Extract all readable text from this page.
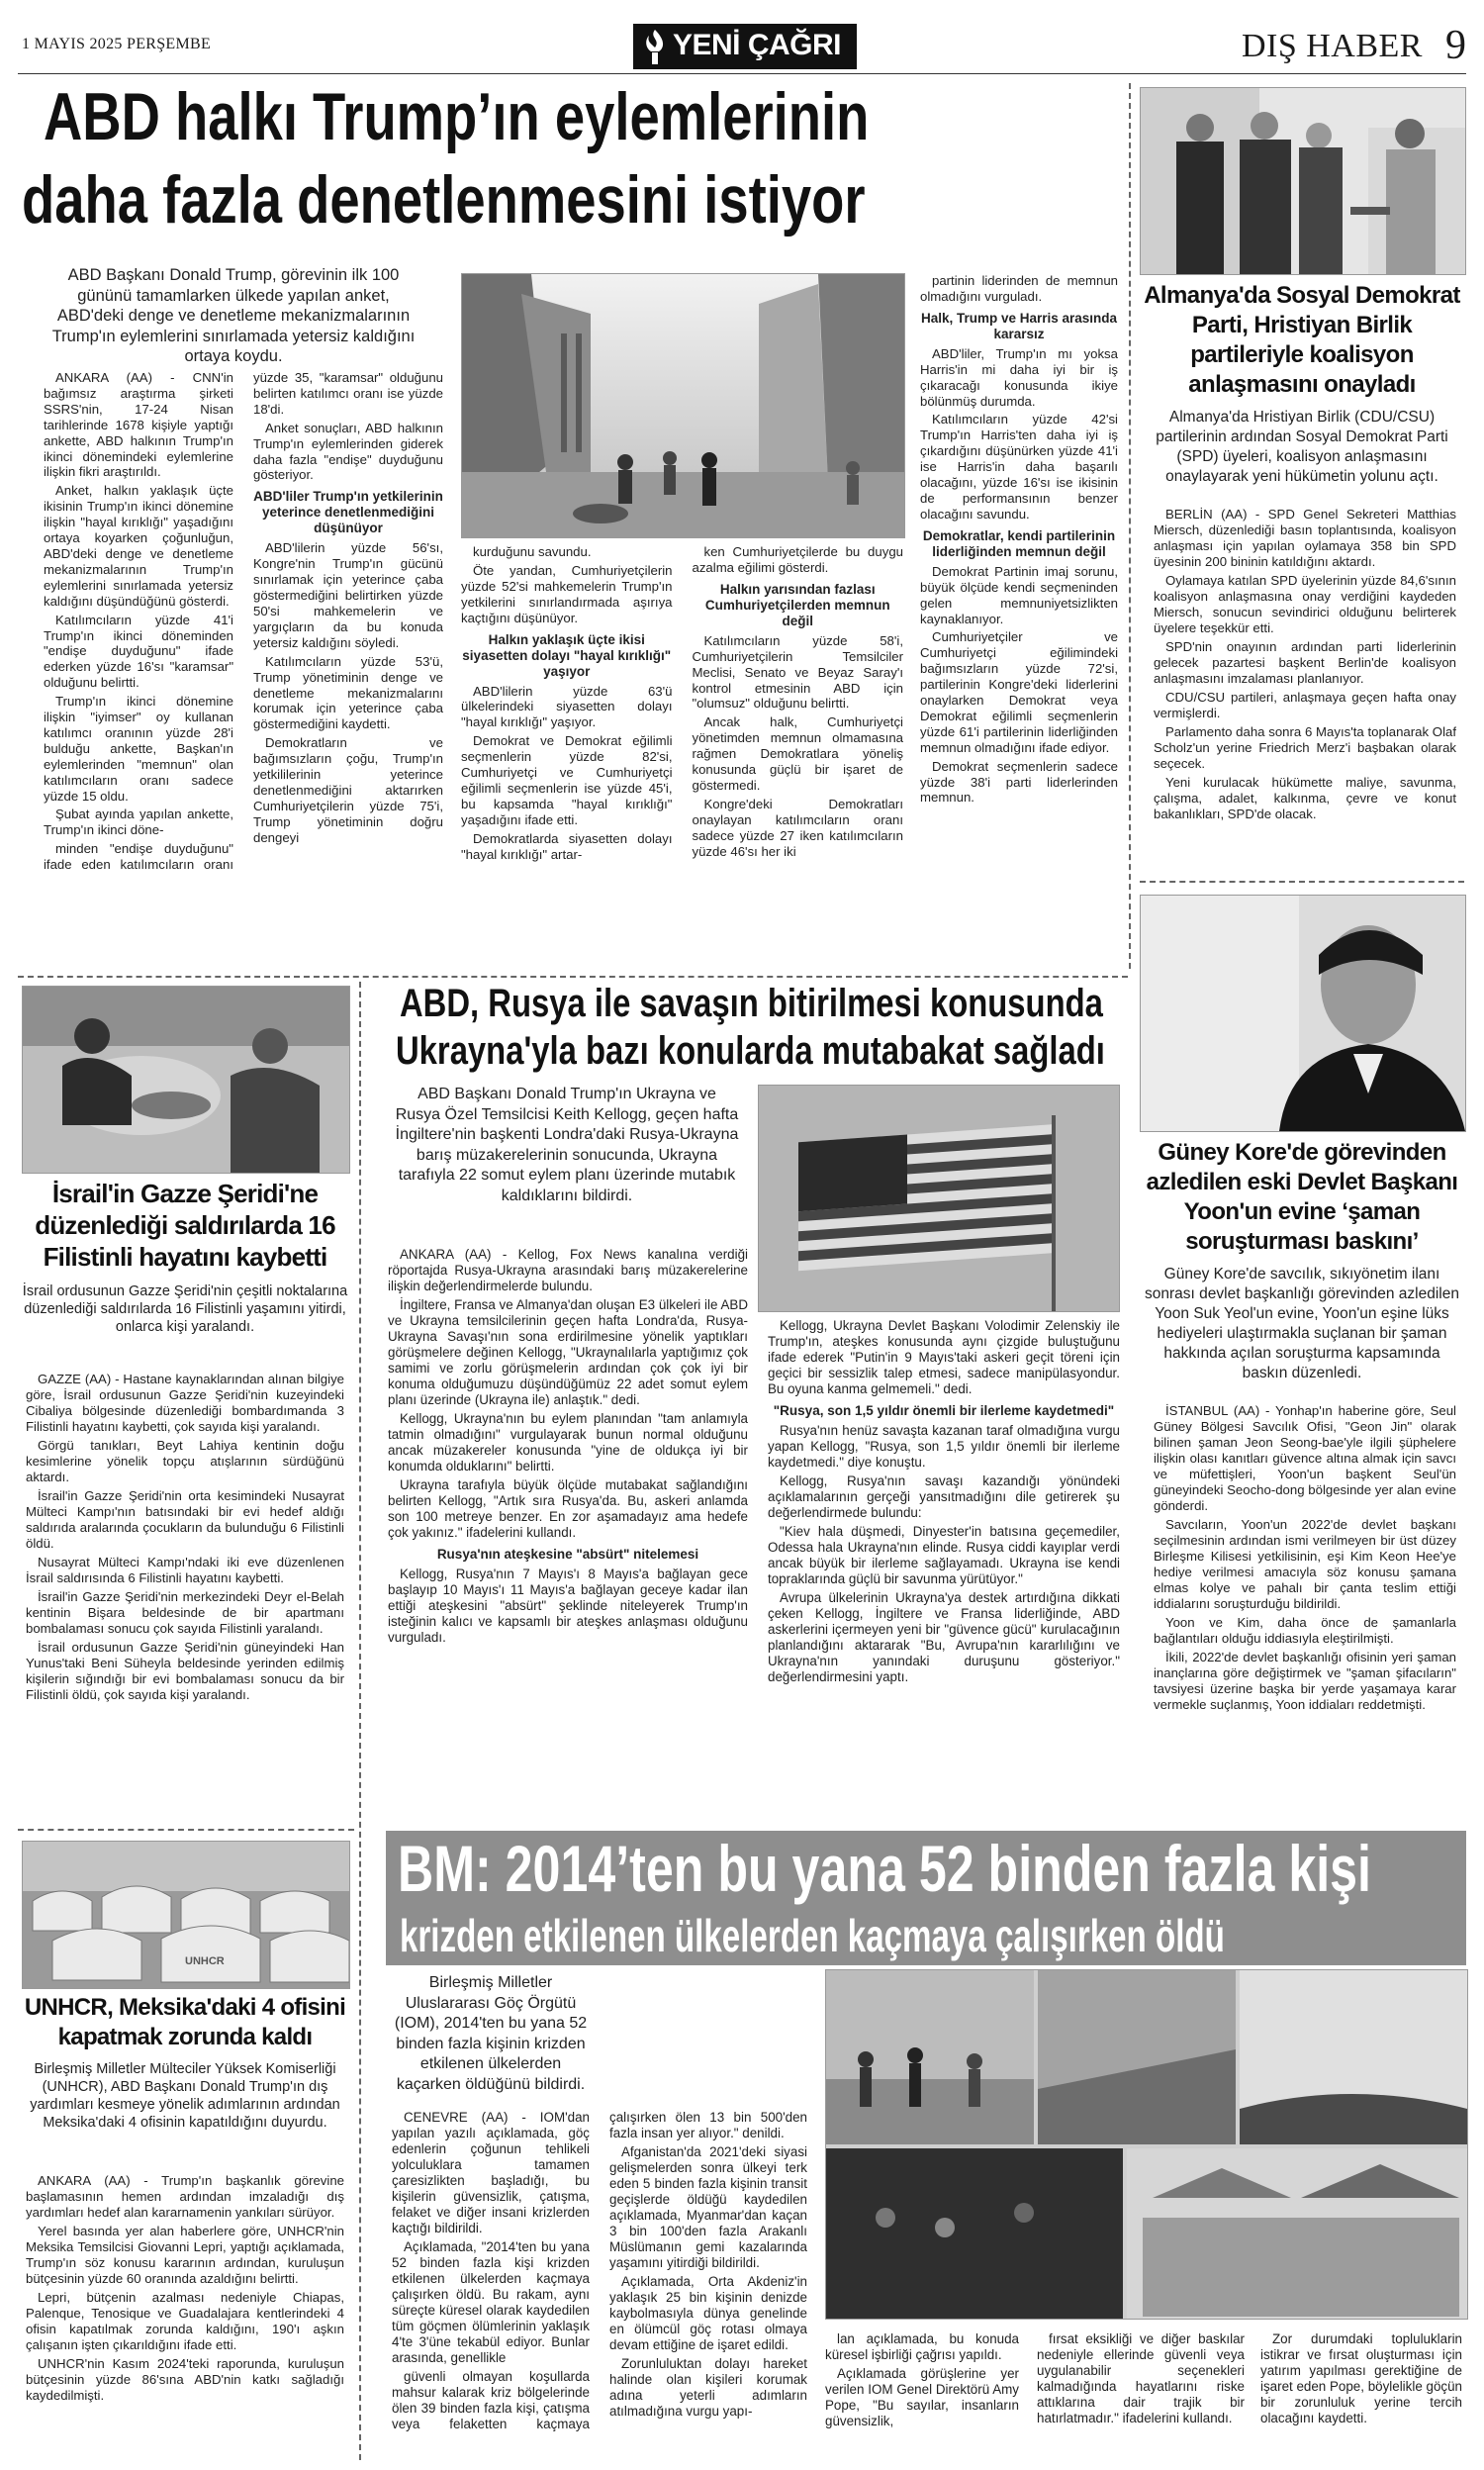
1 MAYIS 2025 PERŞEMBE	YENİ ÇAĞRI	DIŞ HABER 9
ABD halkı Trump’ın eylemlerinin
daha fazla denetlenmesini istiyor
ABD Başkanı Donald Trump, görevinin ilk 100 gününü tamamlarken ülkede yapılan anket, ABD'deki denge ve denetleme mekanizmalarının Trump'ın eylemlerini sınırlamada yetersiz kaldığını ortaya koydu.

ANKARA (AA) - CNN'in bağımsız araştırma şirketi SSRS'nin, 17-24 Nisan tarihlerinde 1678 kişiyle yaptığı ankette, ABD halkının Trump'ın ikinci dönemindeki eylemlerine ilişkin fikri araştırıldı.

Anket, halkın yaklaşık üçte ikisinin Trump'ın ikinci dönemine ilişkin "hayal kırıklığı" yaşadığını ortaya koyarken çoğunluğun, ABD'deki denge ve denetleme mekanizmalarının Trump'ın eylemlerini sınırlamada yetersiz kaldığını düşündüğünü gösterdi.

Katılımcıların yüzde 41'i Trump'ın ikinci döneminden "endişe duyduğunu" ifade ederken yüzde 16'sı "karamsar" olduğunu belirtti.

Trump'ın ikinci dönemine ilişkin "iyimser" oy kullanan katılımcı oranının yüzde 28'i bulduğu ankette, Başkan'ın eylemlerinden "memnun" olan katılımcıların oranı sadece yüzde 15 oldu.

Şubat ayında yapılan ankette, Trump'ın ikinci döne-

minden "endişe duyduğunu" ifade eden katılımcıların oranı yüzde 35, "karamsar" olduğunu belirten katılımcı oranı ise yüzde 18'di.

Anket sonuçları, ABD halkının Trump'ın eylemlerinden giderek daha fazla "endişe" duyduğunu gösteriyor.

ABD'liler Trump'ın yetkilerinin yeterince denetlenmediğini düşünüyor

ABD'lilerin yüzde 56'sı, Kongre'nin Trump'ın gücünü sınırlamak için yeterince çaba göstermediğini belirtirken yüzde 50'si mahkemelerin ve yargıçların da bu konuda yetersiz kaldığını söyledi.

Katılımcıların yüzde 53'ü, Trump yönetiminin denge ve denetleme mekanizmalarını korumak için yeterince çaba göstermediğini kaydetti.

Demokratların ve bağımsızların çoğu, Trump'ın yetkililerinin yeterince denetlenmediğini aktarırken Cumhuriyetçilerin yüzde 75'i, Trump yönetiminin doğru dengeyi

kurduğunu savundu.

Öte yandan, Cumhuriyetçilerin yüzde 52'si mahkemelerin Trump'ın yetkilerini sınırlandırmada aşırıya kaçtığını düşünüyor.

Halkın yaklaşık üçte ikisi siyasetten dolayı "hayal kırıklığı" yaşıyor

ABD'lilerin yüzde 63'ü ülkelerindeki siyasetten dolayı "hayal kırıklığı" yaşıyor.

Demokrat ve Demokrat eğilimli seçmenlerin yüzde 82'si, Cumhuriyetçi ve Cumhuriyetçi eğilimli seçmenlerin ise yüzde 45'i, bu kapsamda "hayal kırıklığı" yaşadığını ifade etti.

Demokratlarda siyasetten dolayı "hayal kırıklığı" artar-

ken Cumhuriyetçilerde bu duygu azalma eğilimi gösterdi.

Halkın yarısından fazlası Cumhuriyetçilerden memnun değil

Katılımcıların yüzde 58'i, Cumhuriyetçilerin Temsilciler Meclisi, Senato ve Beyaz Saray'ı kontrol etmesinin ABD için "olumsuz" olduğunu belirtti.

Ancak halk, Cumhuriyetçi yönetimden memnun olmamasına rağmen Demokratlara yöneliş konusunda güçlü bir işaret de göstermedi.

Kongre'deki Demokratları onaylayan katılımcıların oranı sadece yüzde 27 iken katılımcıların yüzde 46'sı her iki

partinin liderinden de memnun olmadığını vurguladı.

Halk, Trump ve Harris arasında kararsız

ABD'liler, Trump'ın mı yoksa Harris'in mi daha iyi bir iş çıkaracağı konusunda ikiye bölünmüş durumda.

Katılımcıların yüzde 42'si Trump'ın Harris'ten daha iyi iş çıkardığını düşünürken yüzde 41'i ise Harris'in daha başarılı olacağını, yüzde 16'sı ise ikisinin de performansının benzer olacağını savundu.

Demokratlar, kendi partilerinin liderliğinden memnun değil

Demokrat Partinin imaj sorunu, büyük ölçüde kendi seçmeninden gelen memnuniyetsizlikten kaynaklanıyor.

Cumhuriyetçiler ve Cumhuriyetçi eğilimindeki bağımsızların yüzde 72'si, partilerinin Kongre'deki liderlerini onaylarken Demokrat veya Demokrat eğilimli seçmenlerin yüzde 61'i partilerinin liderliğinden memnun olmadığını ifade ediyor.

Demokrat seçmenlerin sadece yüzde 38'i parti liderlerinden memnun.

Almanya'da Sosyal Demokrat Parti, Hristiyan Birlik partileriyle koalisyon anlaşmasını onayladı
Almanya'da Hristiyan Birlik (CDU/CSU) partilerinin ardından Sosyal Demokrat Parti (SPD) üyeleri, koalisyon anlaşmasını onaylayarak yeni hükümetin yolunu açtı.

BERLİN (AA) - SPD Genel Sekreteri Matthias Miersch, düzenlediği basın toplantısında, koalisyon anlaşması için yapılan oylamaya 358 bin SPD üyesinin 200 bininin katıldığını aktardı.

Oylamaya katılan SPD üyelerinin yüzde 84,6'sının koalisyon anlaşmasına onay verdiğini kaydeden Miersch, sonucun sevindirici olduğunu belirterek üyelere teşekkür etti.

SPD'nin onayının ardından parti liderlerinin gelecek pazartesi başkent Berlin'de koalisyon anlaşmasını imzalaması planlanıyor.

CDU/CSU partileri, anlaşmaya geçen hafta onay vermişlerdi.

Parlamento daha sonra 6 Mayıs'ta toplanarak Olaf Scholz'un yerine Friedrich Merz'i başbakan olarak seçecek.

Yeni kurulacak hükümette maliye, savunma, çalışma, adalet, kalkınma, çevre ve konut bakanlıkları, SPD'de olacak.

Güney Kore'de görevinden azledilen eski Devlet Başkanı Yoon'un evine ‘şaman soruşturması baskını’
Güney Kore'de savcılık, sıkıyönetim ilanı sonrası devlet başkanlığı görevinden azledilen Yoon Suk Yeol'un evine, Yoon'un eşine lüks hediyeleri ulaştırmakla suçlanan bir şaman hakkında açılan soruşturma kapsamında baskın düzenledi.

İSTANBUL (AA) - Yonhap'ın haberine göre, Seul Güney Bölgesi Savcılık Ofisi, "Geon Jin" olarak bilinen şaman Jeon Seong-bae'yle ilgili şüphelere ilişkin olası kanıtları güvence altına almak için savcı ve müfettişleri, Yoon'un başkent Seul'ün güneyindeki Seocho-dong bölgesinde yer alan evine gönderdi.

Savcıların, Yoon'un 2022'de devlet başkanı seçilmesinin ardından ismi verilmeyen bir üst düzey Birleşme Kilisesi yetkilisinin, eşi Kim Keon Hee'ye hediye verilmesi amacıyla söz konusu şamana elmas kolye ve pahalı bir çanta teslim ettiği iddialarını soruşturduğu bildirildi.

Yoon ve Kim, daha önce de şamanlarla bağlantıları olduğu iddiasıyla eleştirilmişti.

İkili, 2022'de devlet başkanlığı ofisinin yeri şaman inançlarına göre değiştirmek ve "şaman şifacıların" tavsiyesi üzerine başka bir yerde yaşamaya karar vermekle suçlanmış, Yoon iddiaları reddetmişti.

İsrail'in Gazze Şeridi'ne düzenlediği saldırılarda 16 Filistinli hayatını kaybetti
İsrail ordusunun Gazze Şeridi'nin çeşitli noktalarına düzenlediği saldırılarda 16 Filistinli yaşamını yitirdi, onlarca kişi yaralandı.

GAZZE (AA) - Hastane kaynaklarından alınan bilgiye göre, İsrail ordusunun Gazze Şeridi'nin kuzeyindeki Cibaliya bölgesinde düzenlediği bombardımanda 3 Filistinli hayatını kaybetti, çok sayıda kişi yaralandı.

Görgü tanıkları, Beyt Lahiya kentinin doğu kesimlerine yönelik topçu atışlarının sürdüğünü aktardı.

İsrail'in Gazze Şeridi'nin orta kesimindeki Nusayrat Mülteci Kampı'nın batısındaki bir evi hedef aldığı saldırıda aralarında çocukların da bulunduğu 6 Filistinli öldü.

Nusayrat Mülteci Kampı'ndaki iki eve düzenlenen İsrail saldırısında 6 Filistinli hayatını kaybetti.

İsrail'in Gazze Şeridi'nin merkezindeki Deyr el-Belah kentinin Bişara beldesinde de bir apartmanı bombalaması sonucu çok sayıda Filistinli yaralandı.

İsrail ordusunun Gazze Şeridi'nin güneyindeki Han Yunus'taki Beni Süheyla beldesinde yerinden edilmiş kişilerin sığındığı bir evi bombalaması sonucu da bir Filistinli öldü, çok sayıda kişi yaralandı.

ABD, Rusya ile savaşın bitirilmesi konusunda
Ukrayna'yla bazı konularda mutabakat sağladı
ABD Başkanı Donald Trump'ın Ukrayna ve Rusya Özel Temsilcisi Keith Kellogg, geçen hafta İngiltere'nin başkenti Londra'daki Rusya-Ukrayna barış müzakerelerinin sonucunda, Ukrayna tarafıyla 22 somut eylem planı üzerinde mutabık kaldıklarını bildirdi.

ANKARA (AA) - Kellog, Fox News kanalına verdiği röportajda Rusya-Ukrayna arasındaki barış müzakerelerine ilişkin değerlendirmelerde bulundu.

İngiltere, Fransa ve Almanya'dan oluşan E3 ülkeleri ile ABD ve Ukrayna temsilcilerinin geçen hafta Londra'da, Rusya-Ukrayna Savaşı'nın sona erdirilmesine yönelik yaptıkları görüşmelere değinen Kellogg, "Ukraynalılarla yaptığımız çok samimi ve zorlu görüşmelerin ardından çok çok iyi bir konuma olduğumuzu düşündüğümüz 22 adet somut eylem planı üzerinde (Ukrayna ile) anlaştık." dedi.

Kellogg, Ukrayna'nın bu eylem planından "tam anlamıyla tatmin olmadığını" vurgulayarak bunun normal olduğunu ancak müzakereler konusunda "yine de oldukça iyi bir konumda olduklarını" belirtti.

Ukrayna tarafıyla büyük ölçüde mutabakat sağlandığını belirten Kellogg, "Artık sıra Rusya'da. Bu, askeri anlamda son 100 metreye benzer. En zor aşamadayız ama hedefe çok yakınız." ifadelerini kullandı.

Rusya'nın ateşkesine "absürt" nitelemesi

Kellogg, Rusya'nın 7 Mayıs'ı 8 Mayıs'a bağlayan gece başlayıp 10 Mayıs'ı 11 Mayıs'a bağlayan geceye kadar ilan ettiği ateşkesini "absürt" şeklinde niteleyerek Trump'ın isteğinin kalıcı ve kapsamlı bir ateşkes anlaşması olduğunu vurguladı.

Kellogg, Ukrayna Devlet Başkanı Volodimir Zelenskiy ile Trump'ın, ateşkes konusunda aynı çizgide buluştuğunu ifade ederek "Putin'in 9 Mayıs'taki askeri geçit töreni için geçici bir sessizlik talep etmesi, sadece manipülasyondur. Bu oyuna kanma gelmemeli." dedi.

"Rusya, son 1,5 yıldır önemli bir ilerleme kaydetmedi"

Rusya'nın henüz savaşta kazanan taraf olmadığına vurgu yapan Kellogg, "Rusya, son 1,5 yıldır önemli bir ilerleme kaydetmedi." diye konuştu.

Kellogg, Rusya'nın savaşı kazandığı yönündeki açıklamalarının gerçeği yansıtmadığını dile getirerek şu değerlendirmede bulundu:

"Kiev hala düşmedi, Dinyester'in batısına geçemediler, Odessa hala Ukrayna'nın elinde. Rusya ciddi kayıplar verdi ancak büyük bir ilerleme sağlayamadı. Ukrayna ise kendi topraklarında güçlü bir savunma yürütüyor."

Avrupa ülkelerinin Ukrayna'ya destek artırdığına dikkati çeken Kellogg, İngiltere ve Fransa liderliğinde, ABD askerlerini içermeyen yeni bir "güvence gücü" kurulacağının planlandığını aktararak "Bu, Avrupa'nın kararlılığını ve Ukrayna'nın yanındaki duruşunu gösteriyor." değerlendirmesini yaptı.

BM: 2014’ten bu yana 52 binden fazla kişi
krizden etkilenen ülkelerden kaçmaya çalışırken öldü
Birleşmiş Milletler Uluslararası Göç Örgütü (IOM), 2014'ten bu yana 52 binden fazla kişinin krizden etkilenen ülkelerden kaçarken öldüğünü bildirdi.

CENEVRE (AA) - IOM'dan yapılan yazılı açıklamada, göç edenlerin çoğunun tehlikeli yolculuklara tamamen çaresizlikten başladığı, bu kişilerin güvensizlik, çatışma, felaket ve diğer insani krizlerden kaçtığı bildirildi.

Açıklamada, "2014'ten bu yana 52 binden fazla kişi krizden etkilenen ülkelerden kaçmaya çalışırken öldü. Bu rakam, aynı süreçte küresel olarak kaydedilen tüm göçmen ölümlerinin yaklaşık 4'te 3'üne tekabül ediyor. Bunlar arasında, genellikle

güvenli olmayan koşullarda mahsur kalarak kriz bölgelerinde ölen 39 binden fazla kişi, çatışma veya felaketten kaçmaya çalışırken ölen 13 bin 500'den fazla insan yer alıyor." denildi.

Afganistan'da 2021'deki siyasi gelişmelerden sonra ülkeyi terk eden 5 binden fazla kişinin transit geçişlerde öldüğü kaydedilen açıklamada, Myanmar'dan kaçan 3 bin 100'den fazla Arakanlı Müslümanın gemi kazalarında yaşamını yitirdiği bildirildi.

Açıklamada, Orta Akdeniz'in yaklaşık 25 bin kişinin denizde kaybolmasıyla dünya genelinde en ölümcül göç rotası olmaya devam ettiğine de işaret edildi.

Zorunluluktan dolayı hareket halinde olan kişileri korumak adına yeterli adımların atılmadığına vurgu yapı-

lan açıklamada, bu konuda küresel işbirliği çağrısı yapıldı.

Açıklamada görüşlerine yer verilen IOM Genel Direktörü Amy Pope, "Bu sayılar, insanların güvensizlik,

fırsat eksikliği ve diğer baskılar nedeniyle ellerinde güvenli veya uygulanabilir seçenekleri kalmadığında hayatlarını riske attıklarına dair trajik bir hatırlatmadır." ifadelerini kullandı.

Zor durumdaki topluluklarin istikrar ve fırsat oluşturması için yatırım yapılması gerektiğine de işaret eden Pope, böylelikle göçün bir zorunluluk yerine tercih olacağını kaydetti.

UNHCR
UNHCR, Meksika'daki 4 ofisini kapatmak zorunda kaldı
Birleşmiş Milletler Mülteciler Yüksek Komiserliği (UNHCR), ABD Başkanı Donald Trump'ın dış yardımları kesmeye yönelik adımlarının ardından Meksika'daki 4 ofisinin kapatıldığını duyurdu.

ANKARA (AA) - Trump'ın başkanlık görevine başlamasının hemen ardından imzaladığı dış yardımları hedef alan kararnamenin yankıları sürüyor.

Yerel basında yer alan haberlere göre, UNHCR'nin Meksika Temsilcisi Giovanni Lepri, yaptığı açıklamada, Trump'ın söz konusu kararının ardından, kuruluşun bütçesinin yüzde 60 oranında azaldığını belirtti.

Lepri, bütçenin azalması nedeniyle Chiapas, Palenque, Tenosique ve Guadalajara kentlerindeki 4 ofisin kapatılmak zorunda kaldığını, 190'ı aşkın çalışanın işten çıkarıldığını ifade etti.

UNHCR'nin Kasım 2024'teki raporunda, kuruluşun bütçesinin yüzde 86'sına ABD'nin katkı sağladığı kaydedilmişti.
